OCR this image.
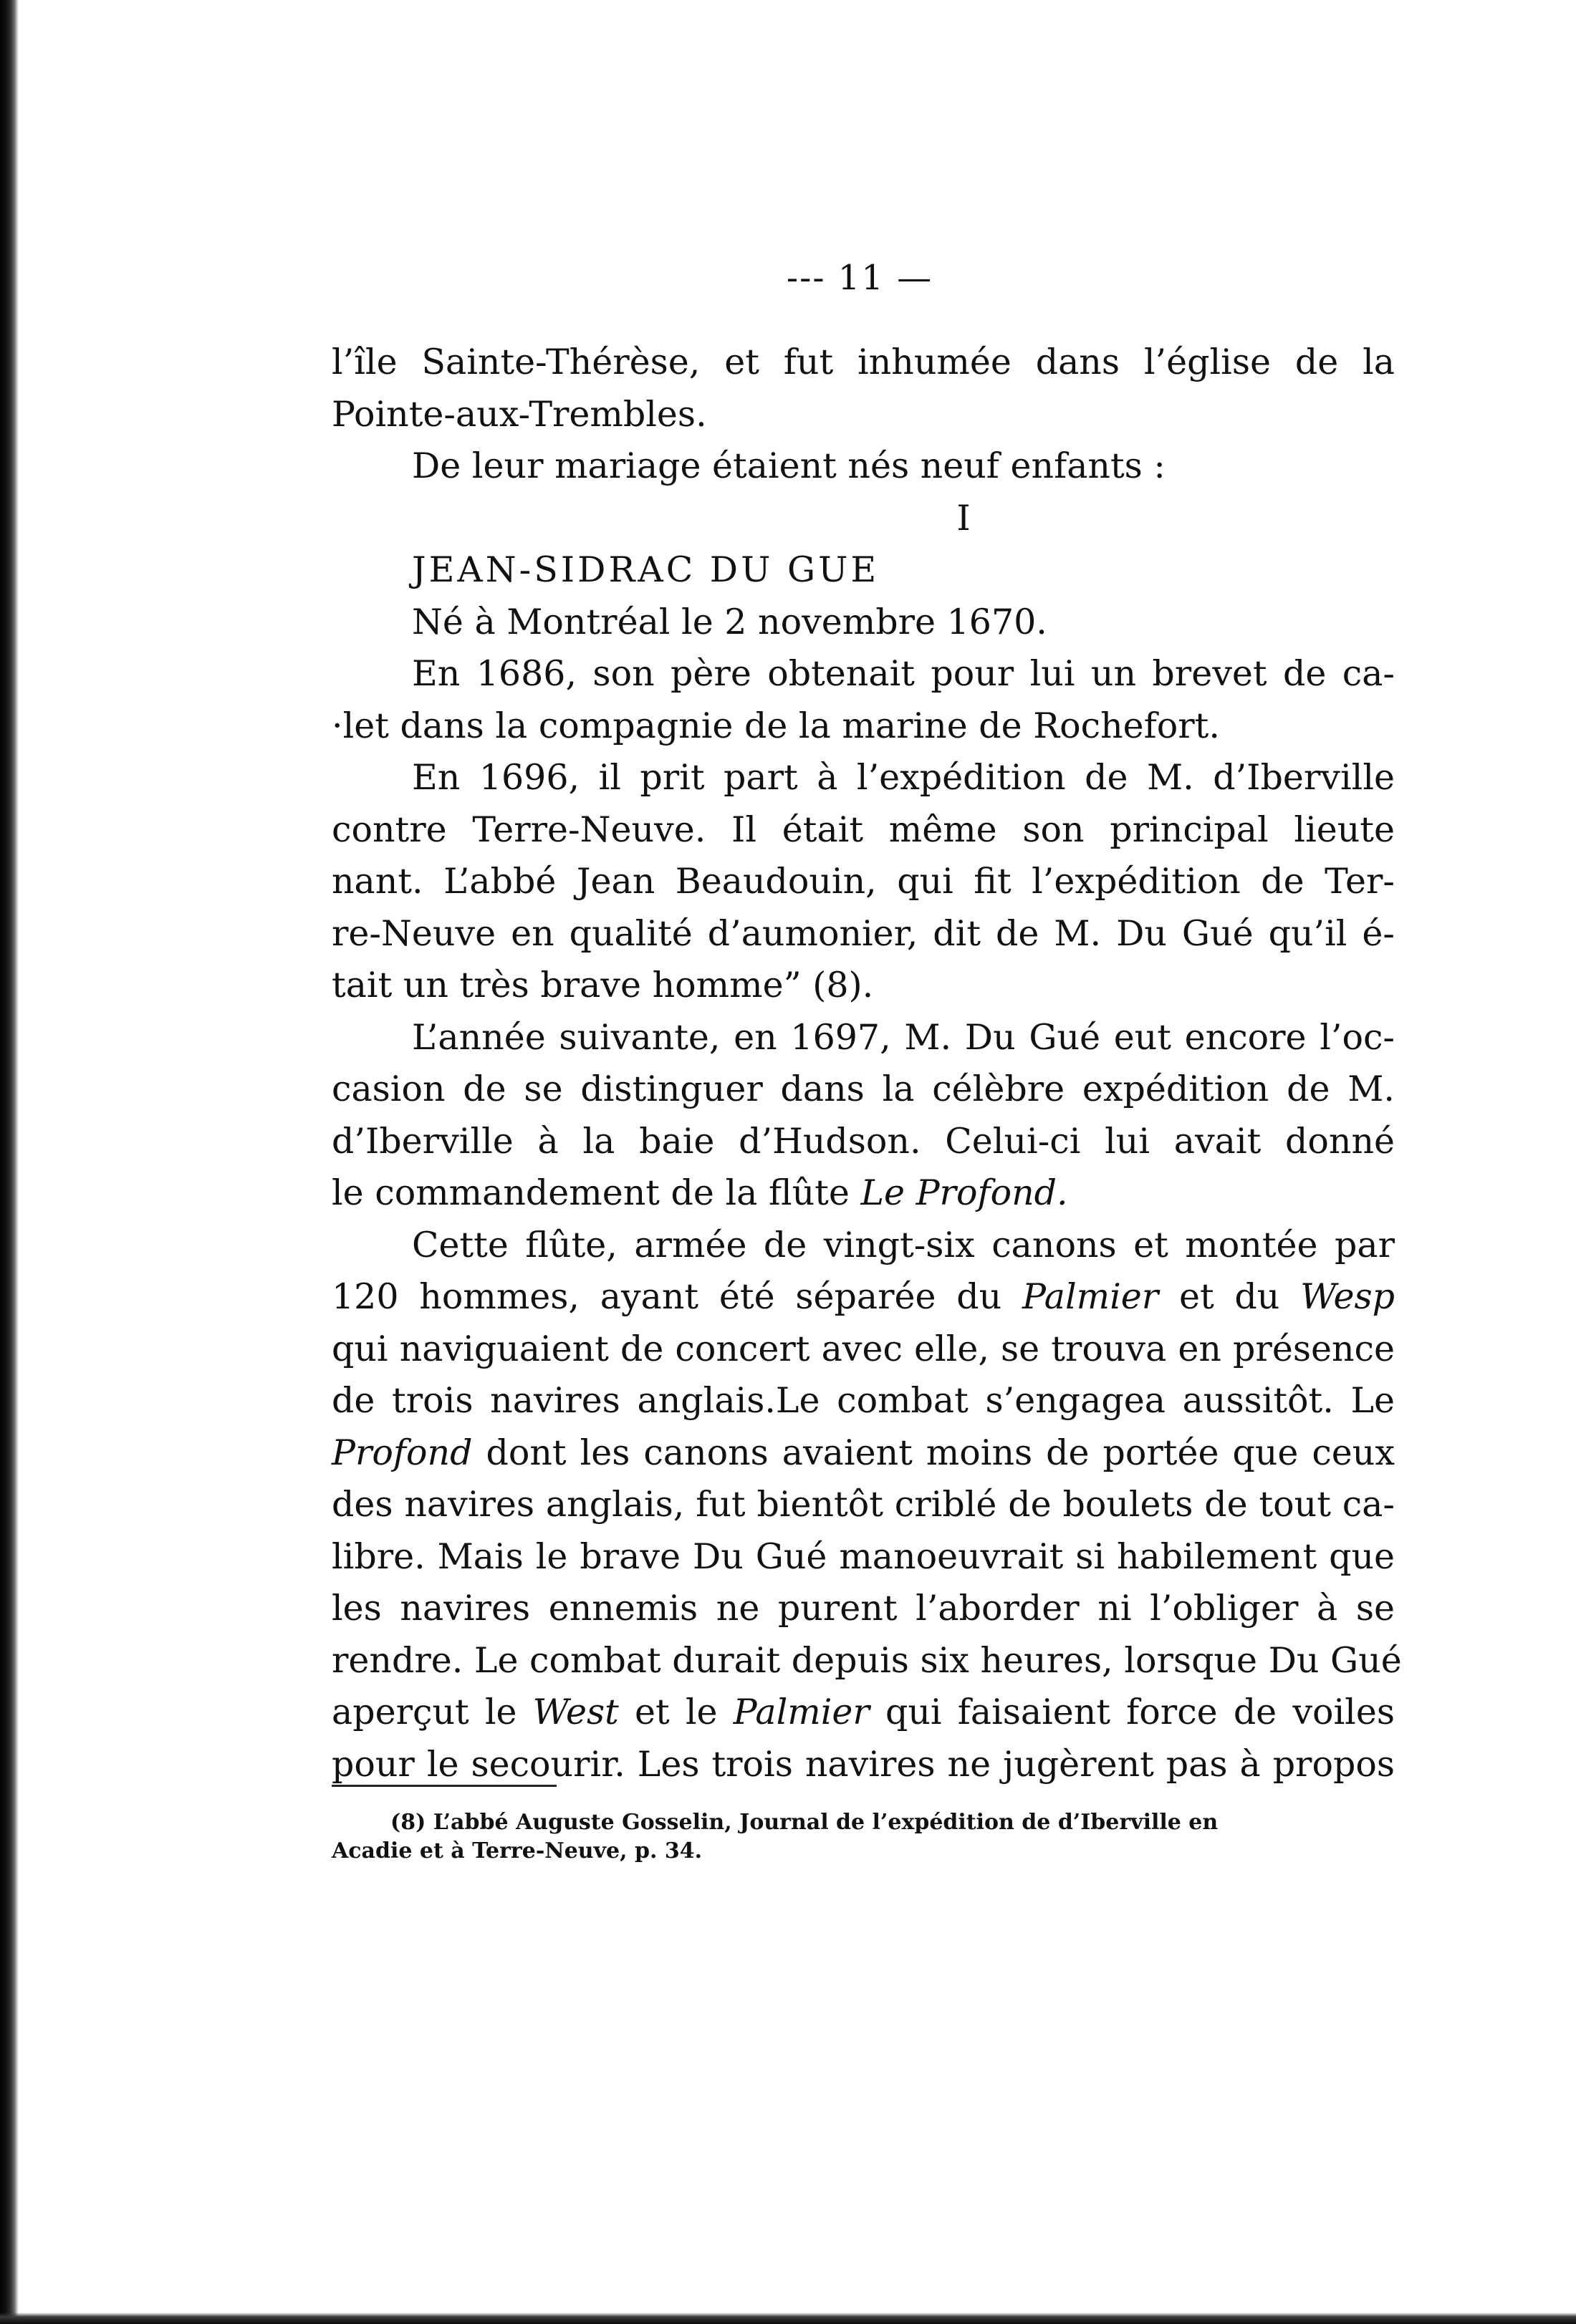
--- 11 —
l’île Sainte-Thérèse, et fut inhumée dans l’église de la
Pointe-aux-Trembles.
De leur mariage étaient nés neuf enfants :
I
JEAN-SIDRAC DU GUE
Né à Montréal le 2 novembre 1670.
En 1686, son père obtenait pour lui un brevet de ca-
·let dans la compagnie de la marine de Rochefort.
En 1696, il prit part à l’expédition de M. d’Iberville
contre Terre-Neuve. Il était même son principal lieute
nant. L’abbé Jean Beaudouin, qui fit l’expédition de Ter-
re-Neuve en qualité d’aumonier, dit de M. Du Gué qu’il é-
tait un très brave homme” (8).
L’année suivante, en 1697, M. Du Gué eut encore l’oc-
casion de se distinguer dans la célèbre expédition de M.
d’Iberville à la baie d’Hudson. Celui-ci lui avait donné
le commandement de la flûte Le Profond.
Cette flûte, armée de vingt-six canons et montée par
120 hommes, ayant été séparée du Palmier et du Wesp
qui naviguaient de concert avec elle, se trouva en présence
de trois navires anglais.Le combat s’engagea aussitôt. Le
Profond dont les canons avaient moins de portée que ceux
des navires anglais, fut bientôt criblé de boulets de tout ca-
libre. Mais le brave Du Gué manoeuvrait si habilement que
les navires ennemis ne purent l’aborder ni l’obliger à se
rendre. Le combat durait depuis six heures, lorsque Du Gué
aperçut le West et le Palmier qui faisaient force de voiles
pour le secourir. Les trois navires ne jugèrent pas à propos
(8) L’abbé Auguste Gosselin, Journal de l’expédition de d’Iberville en
Acadie et à Terre-Neuve, p. 34.
